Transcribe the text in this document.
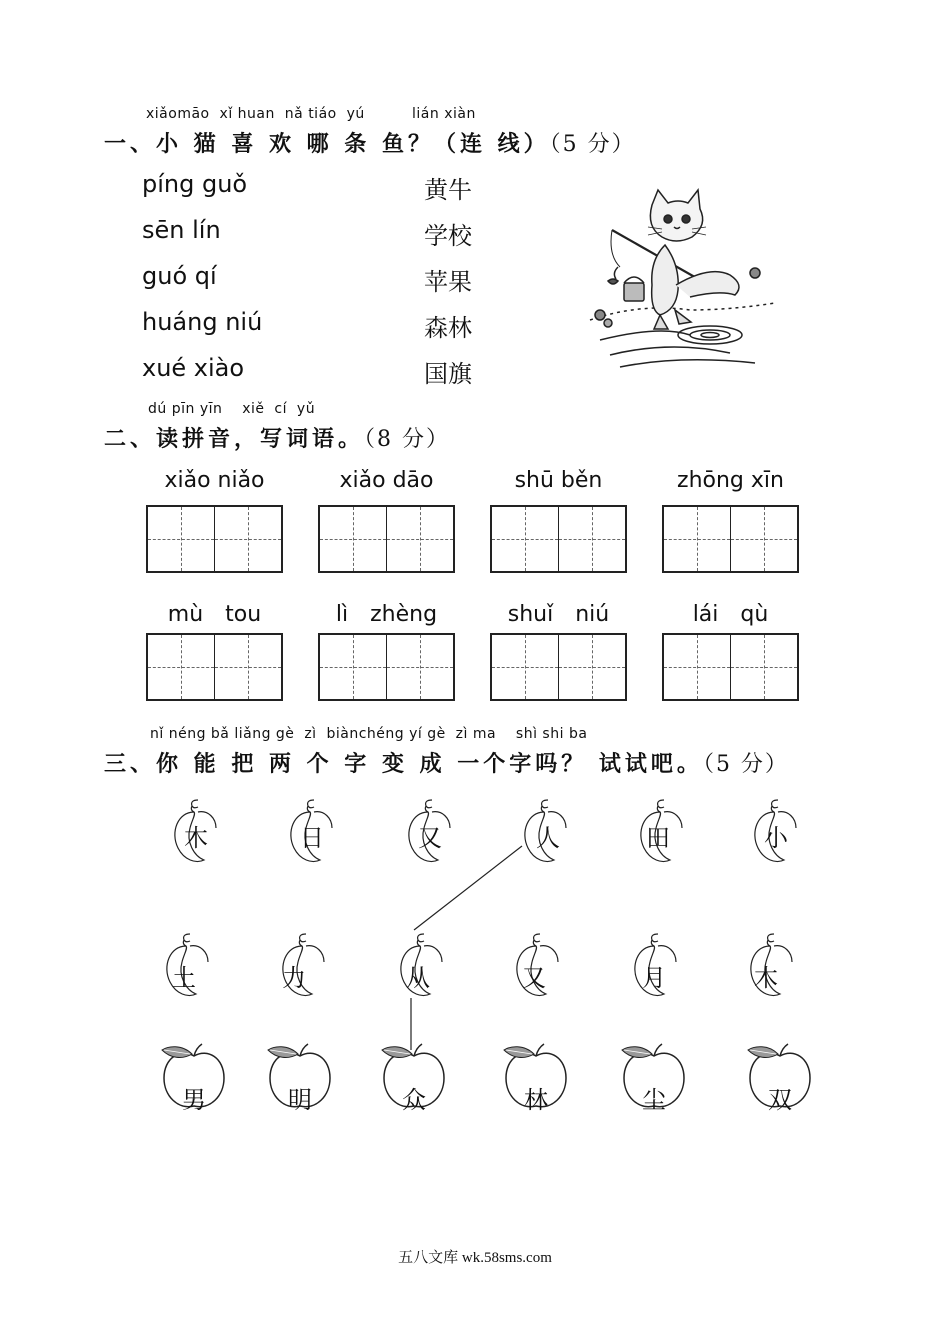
xiǎomāo xǐ huan nǎ tiáo yú	lián xiàn
一、小 猫 喜 欢 哪 条 鱼？（连 线）（5 分）
píng guǒ
sēn lín
guó qí
huáng niú
xué xiào
黄牛
学校
苹果
森林
国旗
dú pīn yīn xiě cí yǔ
二、读拼音，写词语。（8 分）
xiǎo niǎo	xiǎo dāo	shū běn	zhōng xīn
mù　tou	lì　zhèng	shuǐ　niú	lái　qù
nǐ néng bǎ liǎng gè zì biànchéng yí gè zì ma shì shi ba
三、你 能 把 两 个 字 变 成 一个字吗？ 试试吧。（5 分）
木	日	又	人	田	小
土	力	从	又	月	木
男	明	众	林	尘	双
五八文库 wk.58sms.com
